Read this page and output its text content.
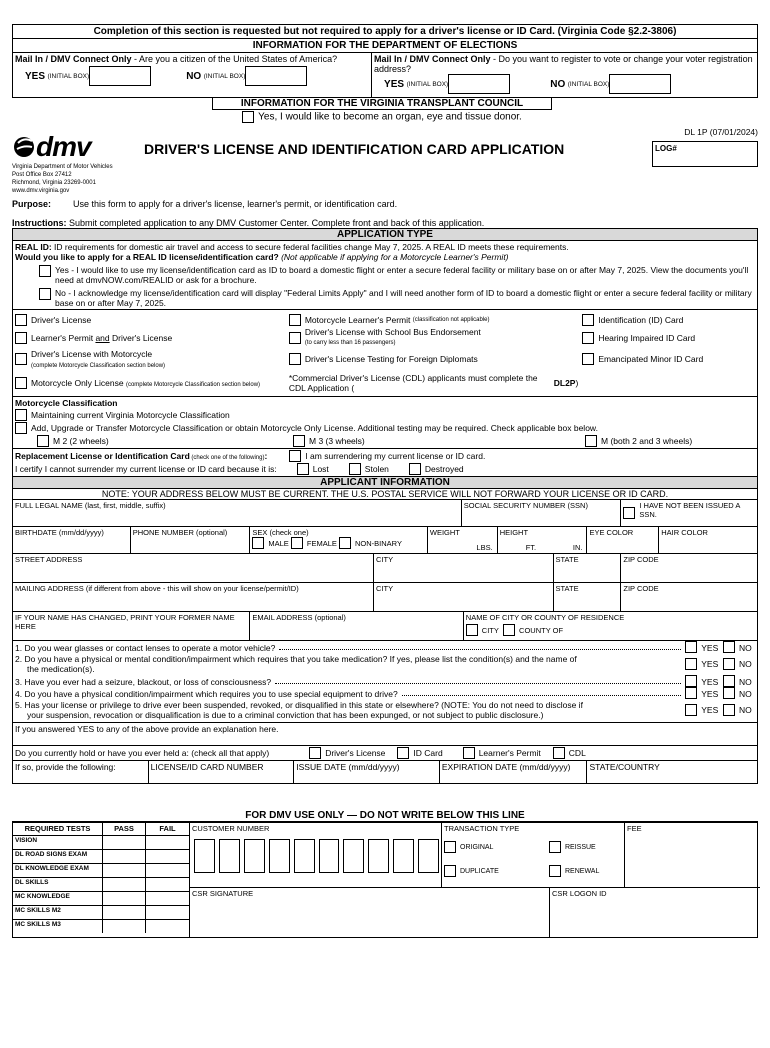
Completion of this section is requested but not required to apply for a driver's license or ID Card. (Virginia Code §2.2-3806)
INFORMATION FOR THE DEPARTMENT OF ELECTIONS
Mail In / DMV Connect Only - Are you a citizen of the United States of America?
YES
(INITIAL BOX)	NO
(INITIAL BOX)
Mail In / DMV Connect Only - Do you want to register to vote or change your voter registration address?
YES
(INITIAL BOX)	NO
(INITIAL BOX)
INFORMATION FOR THE VIRGINIA TRANSPLANT COUNCIL
Yes, I would like to become an organ, eye and tissue donor.
dmv	DRIVER'S LICENSE AND IDENTIFICATION CARD APPLICATION
DL 1P (07/01/2024)
LOG#
Virginia Department of Motor Vehicles
Post Office Box 27412
Richmond, Virginia 23269-0001
www.dmv.virginia.gov
Purpose: Use this form to apply for a driver's license, learner's permit, or identification card.
Instructions: Submit completed application to any DMV Customer Center. Complete front and back of this application.
APPLICATION TYPE
REAL ID: ID requirements for domestic air travel and access to secure federal facilities change May 7, 2025. A REAL ID meets these requirements.
Would you like to apply for a REAL ID license/identification card? (Not applicable if applying for a Motorcycle Learner's Permit)
Yes - I would like to use my license/identification card as ID to board a domestic flight or enter a secure federal facility or military base on or after May 7, 2025. View the documents you'll need at dmvNOW.com/REALID or ask for a brochure.
No - I acknowledge my license/identification card will display "Federal Limits Apply" and I will need another form of ID to board a domestic flight or enter a secure federal facility or military base on or after May 7, 2025.
Driver's License
Learner's Permit and Driver's License
Driver's License with Motorcycle
(complete Motorcycle Classification section below)
Motorcycle Only License (complete Motorcycle Classification section below)
Motorcycle Learner's Permit
(classification not applicable)
Driver's License with School Bus Endorsement
(to carry less than 16 passengers)
Driver's License Testing for Foreign Diplomats
*Commercial Driver's License (CDL) applicants must complete the CDL Application (	DL2P )
Identification (ID) Card
Hearing Impaired ID Card
Emancipated Minor ID Card
Motorcycle Classification
Maintaining current Virginia Motorcycle Classification
Add, Upgrade or Transfer Motorcycle Classification or obtain Motorcycle Only License. Additional testing may be required. Check applicable box below.
M 2 (2 wheels)	M 3 (3 wheels)	M (both 2 and 3 wheels)
Replacement License or Identification Card (check one of the following):	I am surrendering my current license or ID card.
I certify I cannot surrender my current license or ID card because it is:	Lost	Stolen	Destroyed
APPLICANT INFORMATION
NOTE: YOUR ADDRESS BELOW MUST BE CURRENT. THE U.S. POSTAL SERVICE WILL NOT FORWARD YOUR LICENSE OR ID CARD.
FULL LEGAL NAME (last, first, middle, suffix)	SOCIAL SECURITY NUMBER (SSN)	I HAVE NOT BEEN ISSUED A SSN.
BIRTHDATE (mm/dd/yyyy)	PHONE NUMBER (optional)	SEX (check one)
MALE
FEMALE
NON-BINARY
WEIGHT
LBS.
HEIGHT
FT.	IN.
EYE COLOR	HAIR COLOR
STREET ADDRESS	CITY	STATE	ZIP CODE
MAILING ADDRESS (if different from above - this will show on your license/permit/ID)	CITY	STATE	ZIP CODE
IF YOUR NAME HAS CHANGED, PRINT YOUR FORMER NAME HERE
EMAIL ADDRESS (optional)	NAME OF CITY OR COUNTY OF RESIDENCE
CITY
	COUNTY OF
1. Do you wear glasses or contact lenses to operate a motor vehicle?	YES
NO
2. Do you have a physical or mental condition/impairment which requires that you take medication? If yes, please list the condition(s) and the name of
the medication(s).	YES
NO
3. Have you ever had a seizure, blackout, or loss of consciousness?	YES
NO
4. Do you have a physical condition/impairment which requires you to use special equipment to drive?	YES
NO
5. Has your license or privilege to drive ever been suspended, revoked, or disqualified in this state or elsewhere? (NOTE: You do not need to disclose if
your suspension, revocation or disqualification is due to a criminal conviction that has been expunged, or not subject to public disclosure.)	YES
NO
If you answered YES to any of the above provide an explanation here.
Do you currently hold or have you ever held a: (check all that apply)	Driver's License	ID Card	Learner's Permit	CDL
If so, provide the following:	LICENSE/ID CARD NUMBER	ISSUE DATE (mm/dd/yyyy)	EXPIRATION DATE (mm/dd/yyyy)	STATE/COUNTRY
FOR DMV USE ONLY — DO NOT WRITE BELOW THIS LINE
REQUIRED TESTS	PASS	FAIL
VISION
DL ROAD SIGNS EXAM
DL KNOWLEDGE EXAM
DL SKILLS
MC KNOWLEDGE
MC SKILLS M2
MC SKILLS M3
CUSTOMER NUMBER	TRANSACTION TYPE
ORIGINAL	REISSUE
DUPLICATE	RENEWAL
FEE
CSR SIGNATURE	CSR LOGON ID
